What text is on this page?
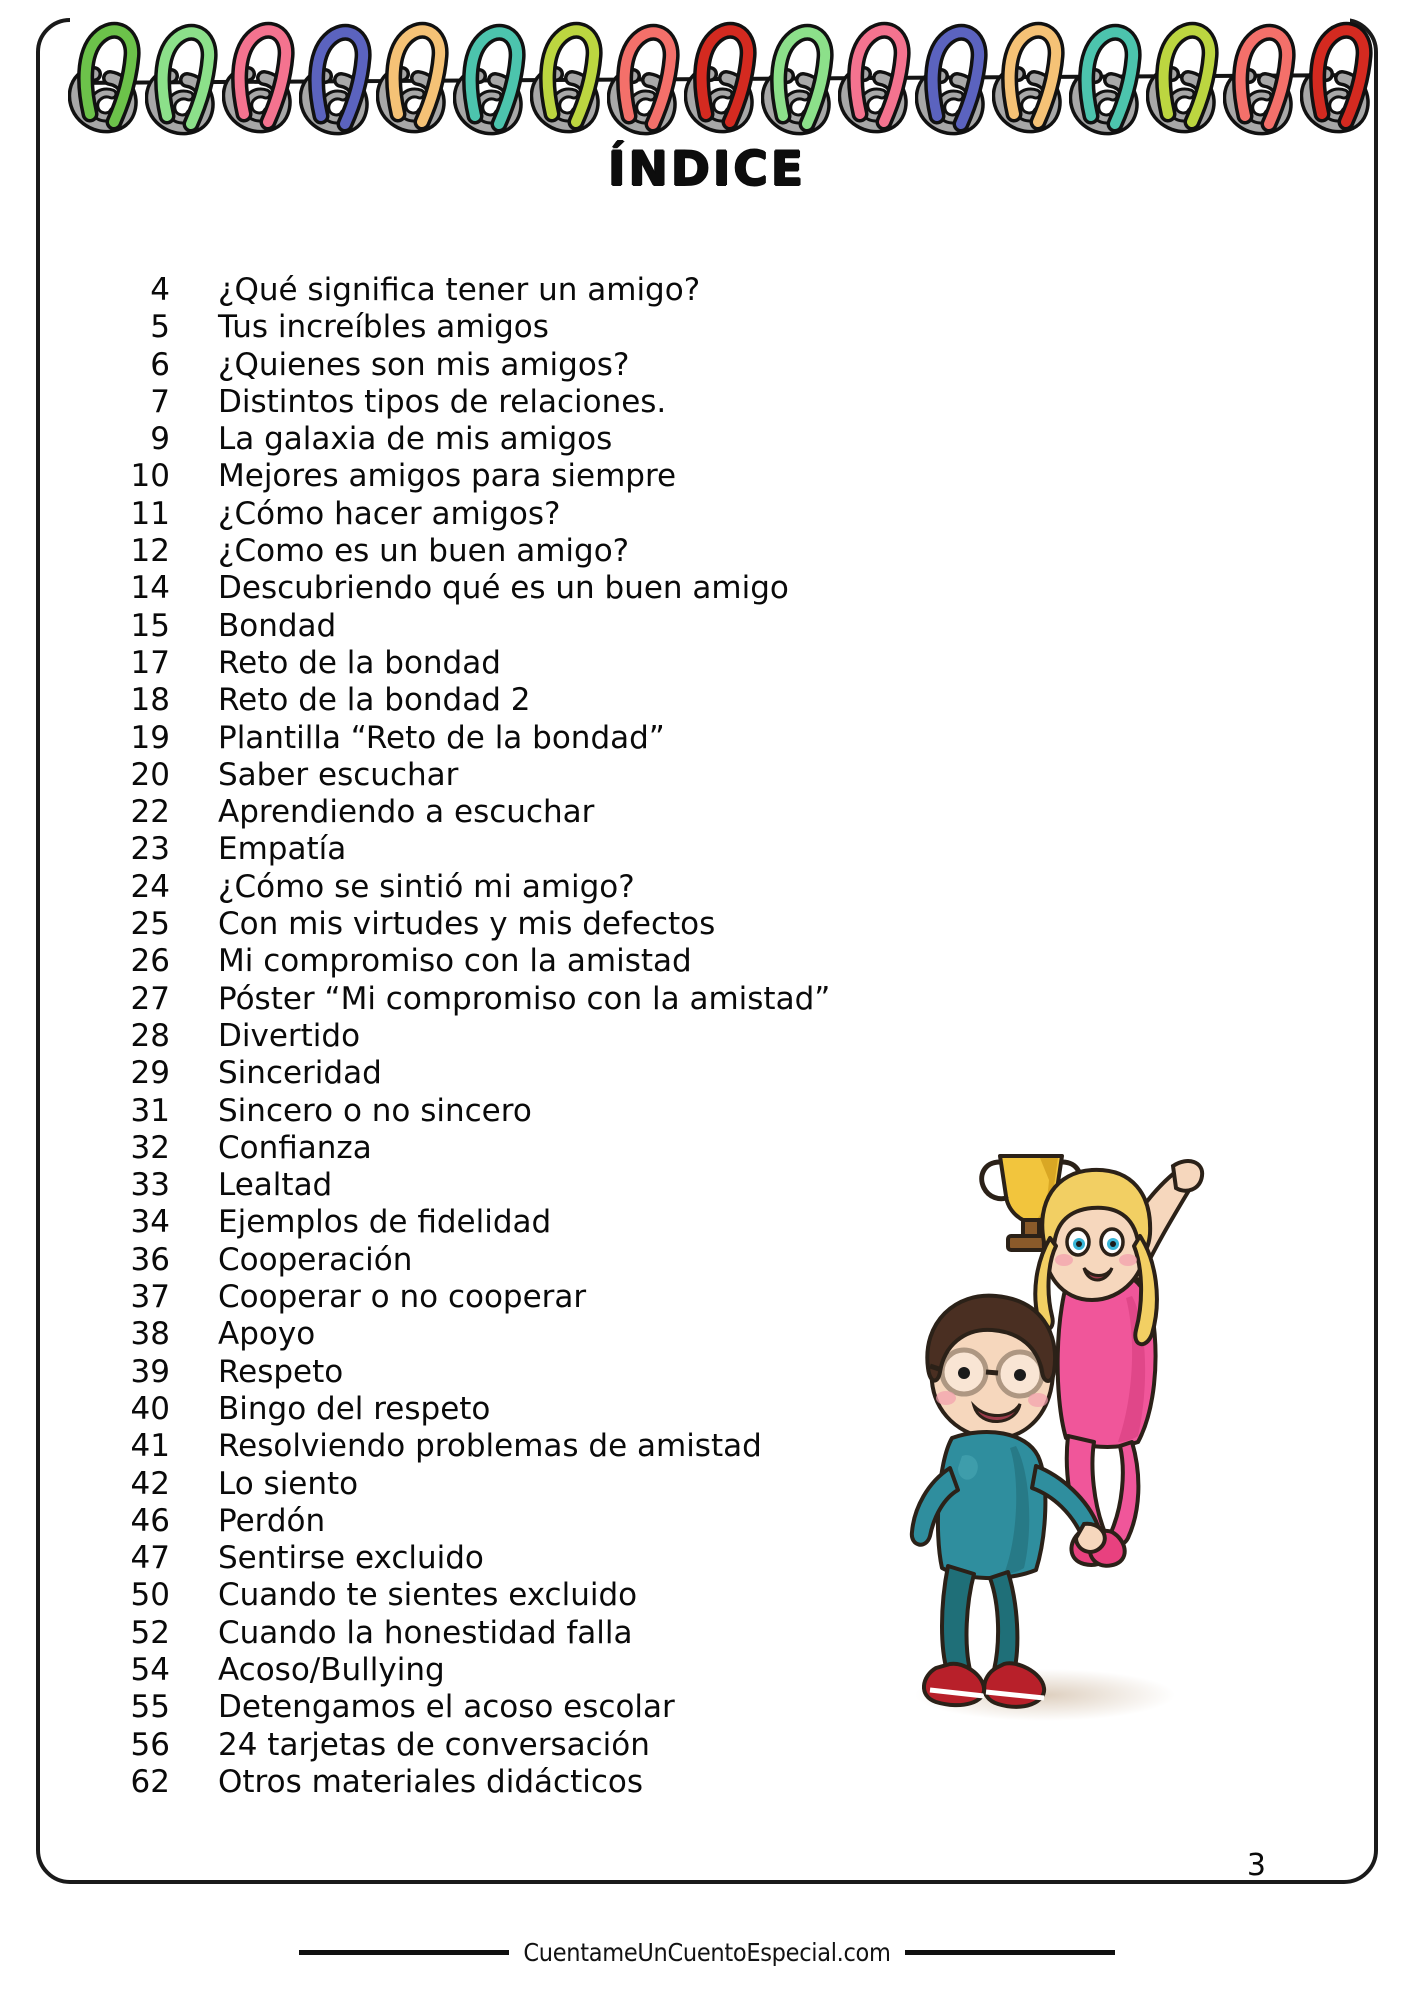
ÍNDICE
4 ¿Qué significa tener un amigo?
5 Tus increíbles amigos
6 ¿Quienes son mis amigos?
7 Distintos tipos de relaciones.
9 La galaxia de mis amigos
10 Mejores amigos para siempre
11 ¿Cómo hacer amigos?
12 ¿Como es un buen amigo?
14 Descubriendo qué es un buen amigo
15 Bondad
17 Reto de la bondad
18 Reto de la bondad 2
19 Plantilla “Reto de la bondad”
20 Saber escuchar
22 Aprendiendo a escuchar
23 Empatía
24 ¿Cómo se sintió mi amigo?
25 Con mis virtudes y mis defectos
26 Mi compromiso con la amistad
27 Póster “Mi compromiso con la amistad”
28 Divertido
29 Sinceridad
31 Sincero o no sincero
32 Confianza
33 Lealtad
34 Ejemplos de fidelidad
36 Cooperación
37 Cooperar o no cooperar
38 Apoyo
39 Respeto
40 Bingo del respeto
41 Resolviendo problemas de amistad
42 Lo siento
46 Perdón
47 Sentirse excluido
50 Cuando te sientes excluido
52 Cuando la honestidad falla
54 Acoso/Bullying
55 Detengamos el acoso escolar
56 24 tarjetas de conversación
62 Otros materiales didácticos
3
CuentameUnCuentoEspecial.com
